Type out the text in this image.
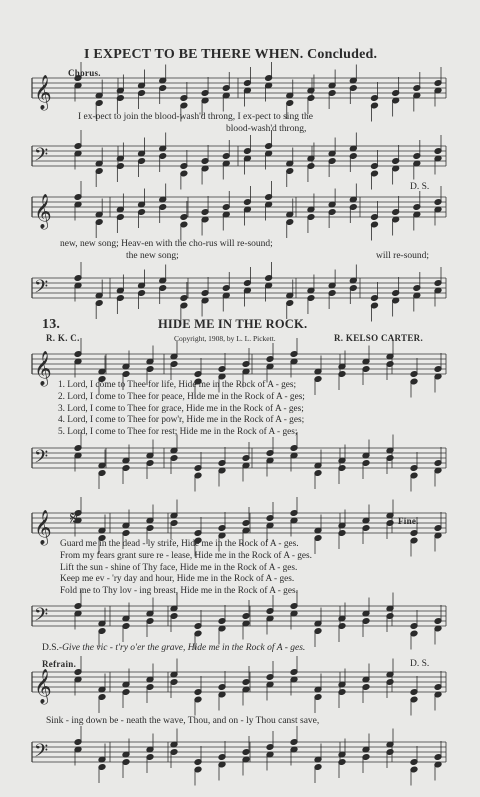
𝄞
𝄢
𝄞
𝄢
𝄞
𝄢
𝄞
𝄢
𝄞
𝄢
I EXPECT TO BE THERE WHEN. Concluded.
Chorus.
I ex-pect to join the blood-wash'd throng, I ex-pect to sing the
blood-wash'd throng,
D. S.
new, new song; Heav-en with the cho-rus will re-sound;
the new song;	will re-sound;
13.	HIDE ME IN THE ROCK.
R. K. C.	Copyright, 1908, by L. L. Pickett.	R. KELSO CARTER.
1. Lord, I come to Thee for life, Hide me in the Rock of A - ges;
2. Lord, I come to Thee for peace, Hide me in the Rock of A - ges;
3. Lord, I come to Thee for grace, Hide me in the Rock of A - ges;
4. Lord, I come to Thee for pow'r, Hide me in the Rock of A - ges;
5. Lord, I come to Thee for rest; Hide me in the Rock of A - ges;
𝄋	Fine.
Guard me in the dead - ly strife, Hide me in the Rock of A - ges.
From my fears grant sure re - lease, Hide me in the Rock of A - ges.
Lift the sun - shine of Thy face, Hide me in the Rock of A - ges.
Keep me ev - 'ry day and hour, Hide me in the Rock of A - ges.
Fold me to Thy lov - ing breast, Hide me in the Rock of A - ges.
D.S.-Give the vic - t'ry o'er the grave, Hide me in the Rock of A - ges.
Refrain.	D. S.
Sink - ing down be - neath the wave, Thou, and on - ly Thou canst save,
